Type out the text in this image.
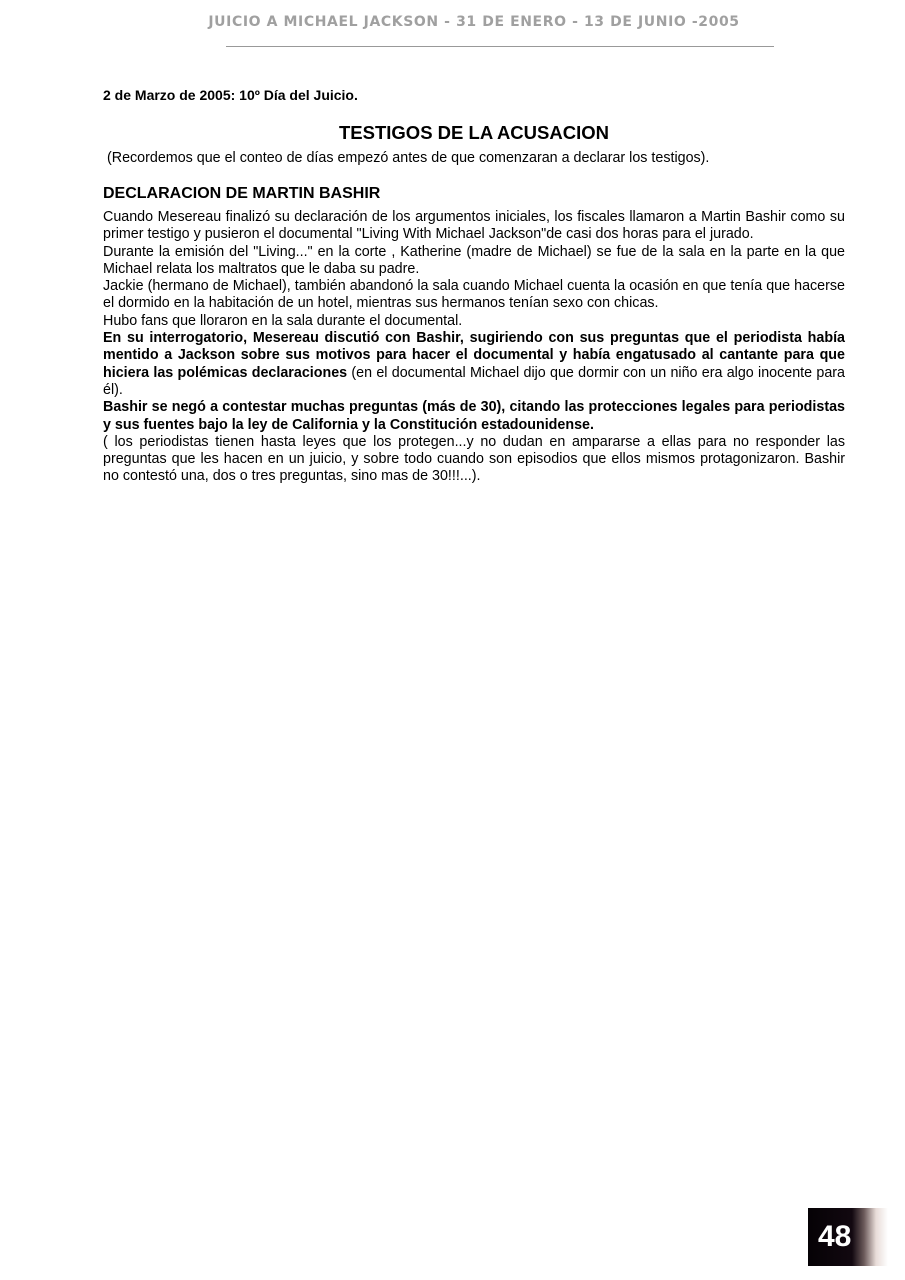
JUICIO A MICHAEL JACKSON - 31 DE ENERO - 13 DE JUNIO -2005
2 de Marzo de 2005: 10º Día del Juicio.
TESTIGOS DE LA ACUSACION
(Recordemos que el conteo de días empezó antes de que comenzaran a declarar los testigos).
DECLARACION DE MARTIN BASHIR

Cuando Mesereau finalizó su declaración de los argumentos iniciales, los fiscales llamaron a Martin Bashir como su primer testigo y pusieron el documental "Living With Michael Jackson"de casi dos horas para el jurado.

Durante la emisión del "Living..." en la corte , Katherine (madre de Michael) se fue de la sala en la parte en la que Michael relata los maltratos que le daba su padre.

Jackie (hermano de Michael), también abandonó la sala cuando Michael cuenta la ocasión en que tenía que hacerse el dormido en la habitación de un hotel, mientras sus hermanos tenían sexo con chicas.

Hubo fans que lloraron en la sala durante el documental.

En su interrogatorio, Mesereau discutió con Bashir, sugiriendo con sus preguntas que el periodista había mentido a Jackson sobre sus motivos para hacer el documental y había engatusado al cantante para que hiciera las polémicas declaraciones (en el documental Michael dijo que dormir con un niño era algo inocente para él).

Bashir se negó a contestar muchas preguntas (más de 30), citando las protecciones legales para periodistas y sus fuentes bajo la ley de California y la Constitución estadounidense.

( los periodistas tienen hasta leyes que los protegen...y no dudan en ampararse a ellas para no responder las preguntas que les hacen en un juicio, y sobre todo cuando son episodios que ellos mismos protagonizaron. Bashir no contestó una, dos o tres preguntas, sino mas de 30!!!...).

48
